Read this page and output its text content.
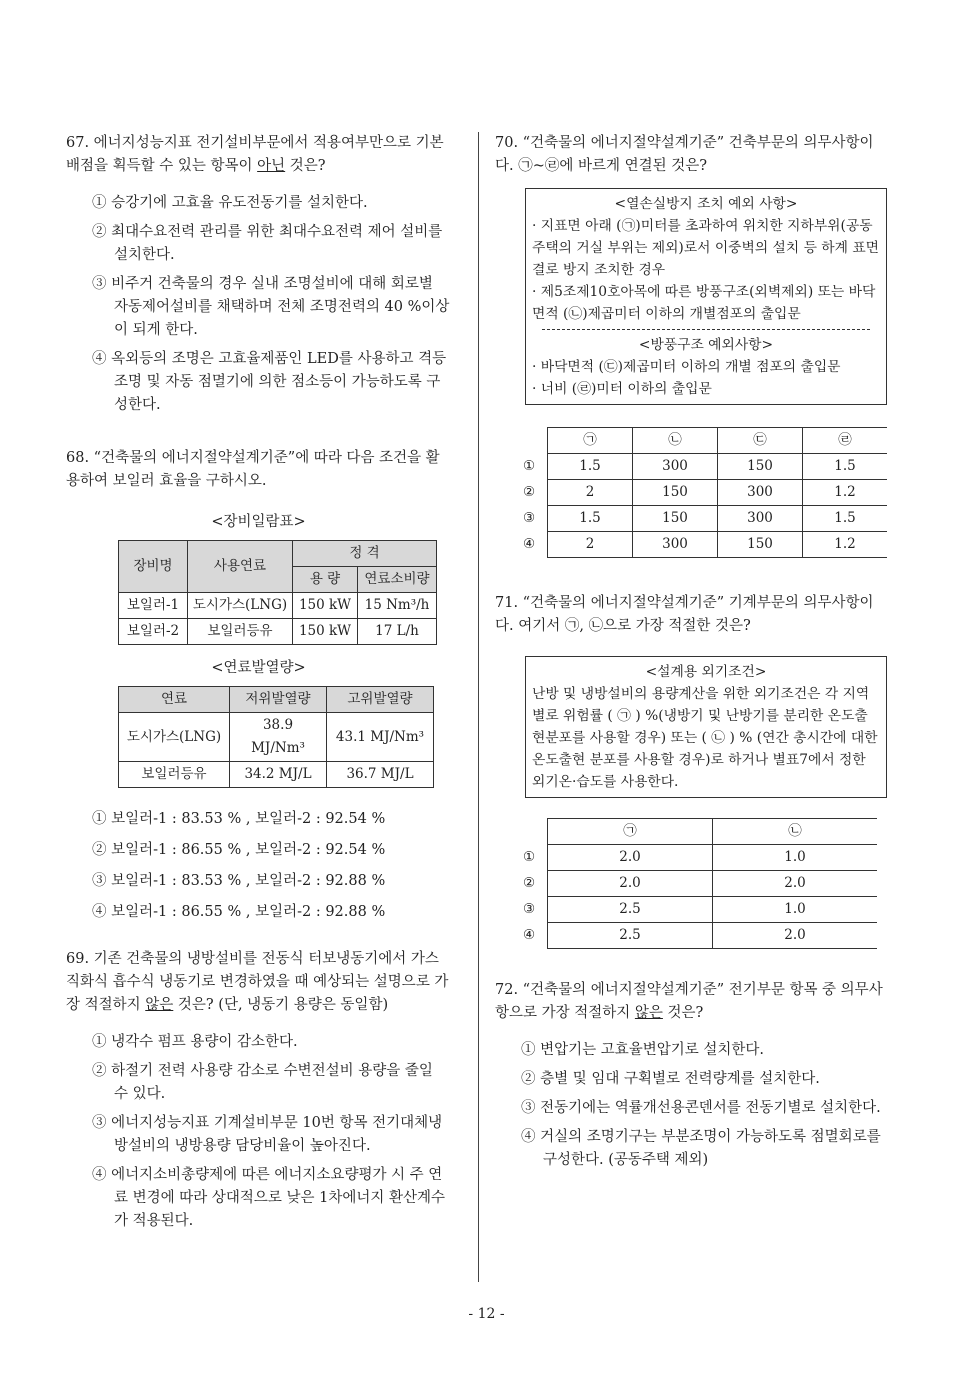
67. 에너지성능지표 전기설비부문에서 적용여부만으로 기본 배점을 획득할 수 있는 항목이 아닌 것은?
① 승강기에 고효율 유도전동기를 설치한다.
② 최대수요전력 관리를 위한 최대수요전력 제어 설비를 설치한다.
③ 비주거 건축물의 경우 실내 조명설비에 대해 회로별 자동제어설비를 채택하며 전체 조명전력의 40 %이상이 되게 한다.
④ 옥외등의 조명은 고효율제품인 LED를 사용하고 격등 조명 및 자동 점멸기에 의한 점소등이 가능하도록 구성한다.
68. “건축물의 에너지절약설계기준”에 따라 다음 조건을 활용하여 보일러 효율을 구하시오.
<장비일람표>
장비명	사용연료	정 격	
		용 량	연료소비량
보일러-1	도시가스(LNG)	150 kW	15 Nm³/h
보일러-2	보일러등유	150 kW	17 L/h
<연료발열량>
연료	저위발열량	고위발열량
도시가스(LNG)	38.9 MJ/Nm³	43.1 MJ/Nm³
보일러등유	34.2 MJ/L	36.7 MJ/L
① 보일러-1 : 83.53 % , 보일러-2 : 92.54 %
② 보일러-1 : 86.55 % , 보일러-2 : 92.54 %
③ 보일러-1 : 83.53 % , 보일러-2 : 92.88 %
④ 보일러-1 : 86.55 % , 보일러-2 : 92.88 %
69. 기존 건축물의 냉방설비를 전동식 터보냉동기에서 가스직화식 흡수식 냉동기로 변경하였을 때 예상되는 설명으로 가장 적절하지 않은 것은? (단, 냉동기 용량은 동일함)
① 냉각수 펌프 용량이 감소한다.
② 하절기 전력 사용량 감소로 수변전설비 용량을 줄일 수 있다.
③ 에너지성능지표 기계설비부문 10번 항목 전기대체냉방설비의 냉방용량 담당비율이 높아진다.
④ 에너지소비총량제에 따른 에너지소요량평가 시 주 연료 변경에 따라 상대적으로 낮은 1차에너지 환산계수가 적용된다.
70. “건축물의 에너지절약설계기준” 건축부문의 의무사항이다. ㉠~㉣에 바르게 연결된 것은?
<열손실방지 조치 예외 사항>
· 지표면 아래 (㉠)미터를 초과하여 위치한 지하부위(공동주택의 거실 부위는 제외)로서 이중벽의 설치 등 하계 표면결로 방지 조치한 경우
· 제5조제10호아목에 따른 방풍구조(외벽제외) 또는 바닥면적 (㉡)제곱미터 이하의 개별점포의 출입문
<방풍구조 예외사항>
· 바닥면적 (㉢)제곱미터 이하의 개별 점포의 출입문
· 너비 (㉣)미터 이하의 출입문
	㉠	㉡	㉢	㉣
①	1.5	300	150	1.5
②	2	150	300	1.2
③	1.5	150	300	1.5
④	2	300	150	1.2
71. “건축물의 에너지절약설계기준” 기계부문의 의무사항이다. 여기서 ㉠, ㉡으로 가장 적절한 것은?
<설계용 외기조건>
난방 및 냉방설비의 용량계산을 위한 외기조건은 각 지역별로 위험률 ( ㉠ ) %(냉방기 및 난방기를 분리한 온도출현분포를 사용할 경우) 또는 ( ㉡ ) % (연간 총시간에 대한 온도출현 분포를 사용할 경우)로 하거나 별표7에서 정한 외기온·습도를 사용한다.
	㉠	㉡
①	2.0	1.0
②	2.0	2.0
③	2.5	1.0
④	2.5	2.0
72. “건축물의 에너지절약설계기준” 전기부문 항목 중 의무사항으로 가장 적절하지 않은 것은?
① 변압기는 고효율변압기로 설치한다.
② 층별 및 임대 구획별로 전력량계를 설치한다.
③ 전동기에는 역률개선용콘덴서를 전동기별로 설치한다.
④ 거실의 조명기구는 부분조명이 가능하도록 점멸회로를 구성한다. (공동주택 제외)
- 12 -
